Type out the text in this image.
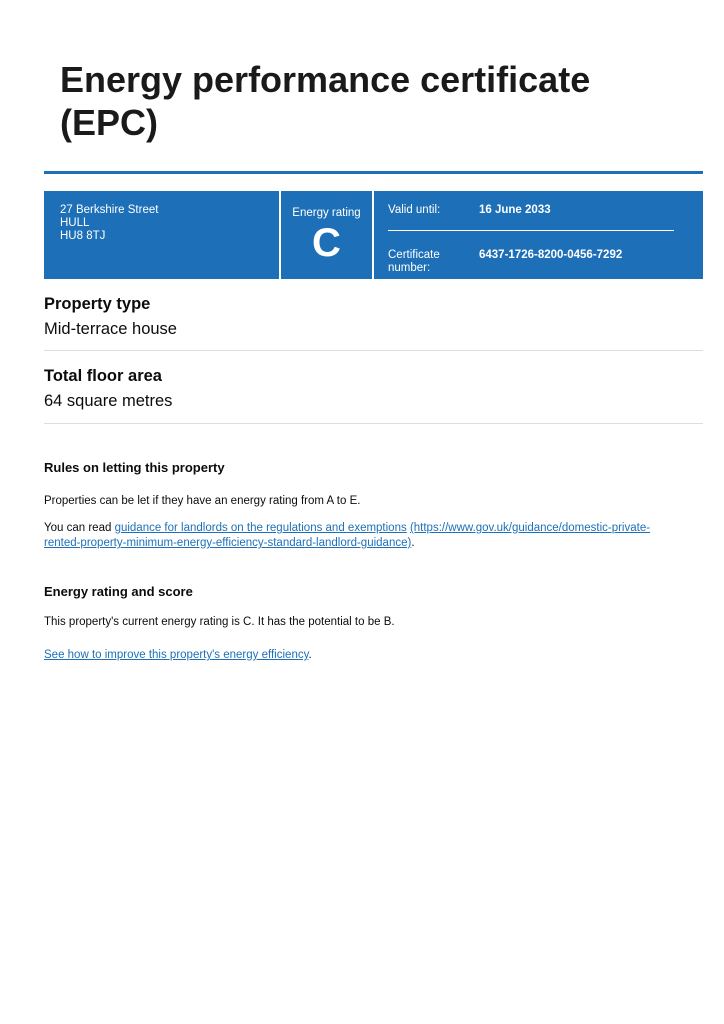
Energy performance certificate (EPC)
27 Berkshire Street
HULL
HU8 8TJ
Energy rating
C
Valid until:	16 June 2033
Certificate number:
6437-1726-8200-0456-7292
Property type
Mid-terrace house
Total floor area
64 square metres
Rules on letting this property

Properties can be let if they have an energy rating from A to E.

You can read guidance for landlords on the regulations and exemptions (https://www.gov.uk/guidance/domestic-private-rented-property-minimum-energy-efficiency-standard-landlord-guidance).

Energy rating and score

This property's current energy rating is C. It has the potential to be B.

See how to improve this property's energy efficiency.
